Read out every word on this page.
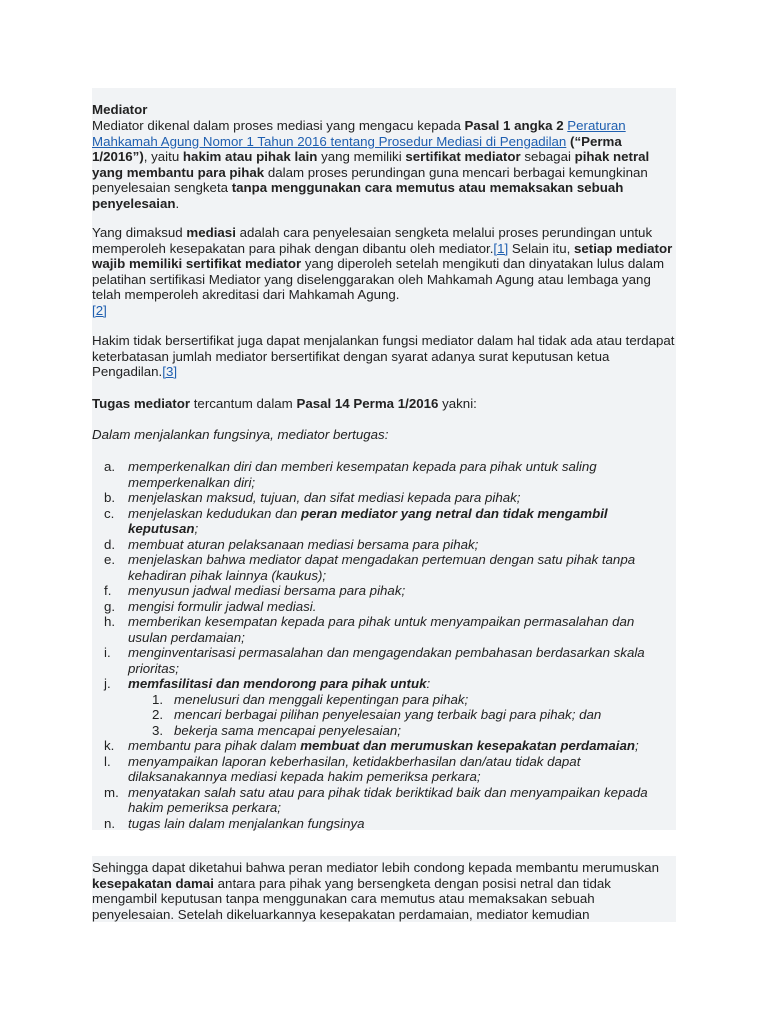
Mediator

Mediator dikenal dalam proses mediasi yang mengacu kepada Pasal 1 angka 2 Peraturan Mahkamah Agung Nomor 1 Tahun 2016 tentang Prosedur Mediasi di Pengadilan (“Perma 1/2016”), yaitu hakim atau pihak lain yang memiliki sertifikat mediator sebagai pihak netral yang membantu para pihak dalam proses perundingan guna mencari berbagai kemungkinan penyelesaian sengketa tanpa menggunakan cara memutus atau memaksakan sebuah penyelesaian.

Yang dimaksud mediasi adalah cara penyelesaian sengketa melalui proses perundingan untuk memperoleh kesepakatan para pihak dengan dibantu oleh mediator.[1] Selain itu, setiap mediator wajib memiliki sertifikat mediator yang diperoleh setelah mengikuti dan dinyatakan lulus dalam pelatihan sertifikasi Mediator yang diselenggarakan oleh Mahkamah Agung atau lembaga yang telah memperoleh akreditasi dari Mahkamah Agung.
[2]

Hakim tidak bersertifikat juga dapat menjalankan fungsi mediator dalam hal tidak ada atau terdapat keterbatasan jumlah mediator bersertifikat dengan syarat adanya surat keputusan ketua Pengadilan.[3]

Tugas mediator tercantum dalam Pasal 14 Perma 1/2016 yakni:

Dalam menjalankan fungsinya, mediator bertugas:

a. memperkenalkan diri dan memberi kesempatan kepada para pihak untuk saling memperkenalkan diri;
b. menjelaskan maksud, tujuan, dan sifat mediasi kepada para pihak;
c. menjelaskan kedudukan dan peran mediator yang netral dan tidak mengambil keputusan;
d. membuat aturan pelaksanaan mediasi bersama para pihak;
e. menjelaskan bahwa mediator dapat mengadakan pertemuan dengan satu pihak tanpa kehadiran pihak lainnya (kaukus);
f. menyusun jadwal mediasi bersama para pihak;
g. mengisi formulir jadwal mediasi.
h. memberikan kesempatan kepada para pihak untuk menyampaikan permasalahan dan usulan perdamaian;
i. menginventarisasi permasalahan dan mengagendakan pembahasan berdasarkan skala prioritas;
j. memfasilitasi dan mendorong para pihak untuk:
1. menelusuri dan menggali kepentingan para pihak;
2. mencari berbagai pilihan penyelesaian yang terbaik bagi para pihak; dan
3. bekerja sama mencapai penyelesaian;
k. membantu para pihak dalam membuat dan merumuskan kesepakatan perdamaian;
l. menyampaikan laporan keberhasilan, ketidakberhasilan dan/atau tidak dapat dilaksanakannya mediasi kepada hakim pemeriksa perkara;
m. menyatakan salah satu atau para pihak tidak beriktikad baik dan menyampaikan kepada hakim pemeriksa perkara;
n. tugas lain dalam menjalankan fungsinya

Sehingga dapat diketahui bahwa peran mediator lebih condong kepada membantu merumuskan kesepakatan damai antara para pihak yang bersengketa dengan posisi netral dan tidak mengambil keputusan tanpa menggunakan cara memutus atau memaksakan sebuah penyelesaian. Setelah dikeluarkannya kesepakatan perdamaian, mediator kemudian
